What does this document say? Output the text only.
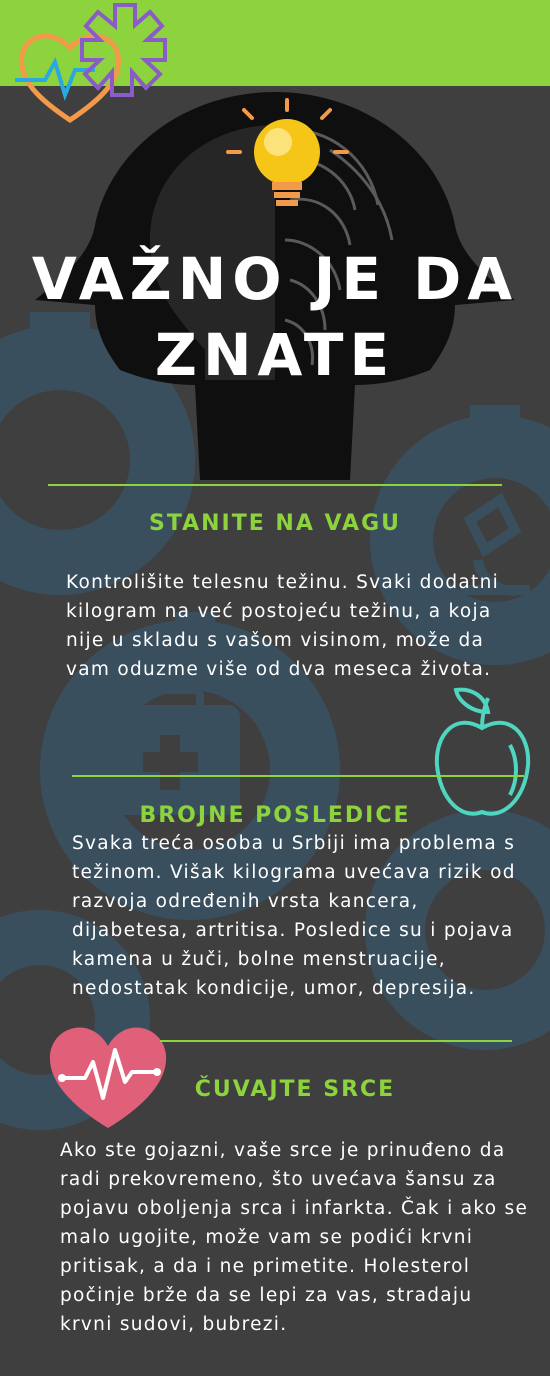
VAŽNO JE DA
ZNATE
STANITE NA VAGU

Kontrolišite telesnu težinu. Svaki dodatni kilogram na već postojeću težinu, a koja nije u skladu s vašom visinom, može da vam oduzme više od dva meseca života.

BROJNE POSLEDICE

Svaka treća osoba u Srbiji ima problema s težinom. Višak kilograma uvećava rizik od razvoja određenih vrsta kancera, dijabetesa, artritisa. Posledice su i pojava kamena u žuči, bolne menstruacije, nedostatak kondicije, umor, depresija.

ČUVAJTE SRCE

Ako ste gojazni, vaše srce je prinuđeno da radi prekovremeno, što uvećava šansu za pojavu oboljenja srca i infarkta. Čak i ako se malo ugojite, može vam se podići krvni pritisak, a da i ne primetite. Holesterol počinje brže da se lepi za vas, stradaju krvni sudovi, bubrezi.
